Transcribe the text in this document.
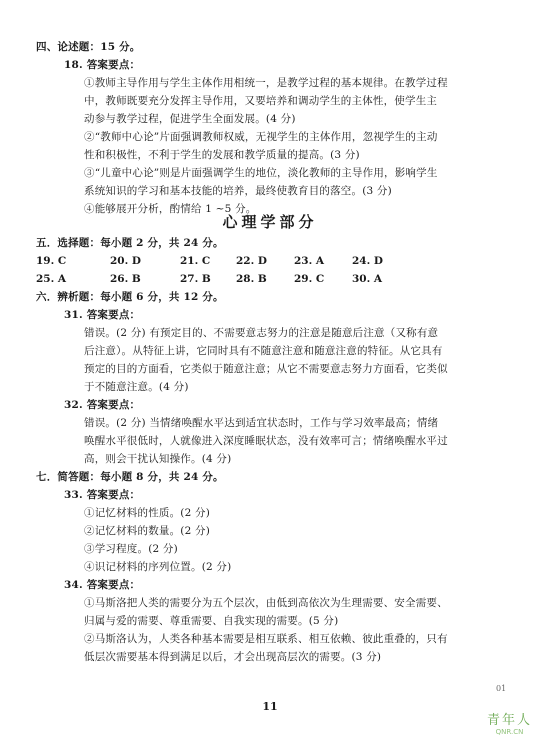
四、论述题：15 分。
18. 答案要点：
①教师主导作用与学生主体作用相统一，是教学过程的基本规律。在教学过程
中，教师既要充分发挥主导作用，又要培养和调动学生的主体性，使学生主
动参与教学过程，促进学生全面发展。(4 分)
②“教师中心论”片面强调教师权威，无视学生的主体作用，忽视学生的主动
性和积极性，不利于学生的发展和教学质量的提高。(3 分)
③“儿童中心论”则是片面强调学生的地位，淡化教师的主导作用，影响学生
系统知识的学习和基本技能的培养，最终使教育目的落空。(3 分)
④能够展开分析，酌情给 1 ~5 分。
心理学部分
五．选择题：每小题 2 分，共 24 分。
19. C	20. D	21. C 22. D	23. A	24. D
25. A	26. B	27. B 28. B	29. C	30. A
六．辨析题：每小题 6 分，共 12 分。
31. 答案要点：
错误。(2 分) 有预定目的、不需要意志努力的注意是随意后注意（又称有意
后注意）。从特征上讲，它同时具有不随意注意和随意注意的特征。从它具有
预定的目的方面看，它类似于随意注意；从它不需要意志努力方面看，它类似
于不随意注意。(4 分)
32. 答案要点：
错误。(2 分) 当情绪唤醒水平达到适宜状态时，工作与学习效率最高；情绪
唤醒水平很低时，人就像进入深度睡眠状态，没有效率可言；情绪唤醒水平过
高，则会干扰认知操作。(4 分)
七．简答题：每小题 8 分，共 24 分。
33. 答案要点：
①记忆材料的性质。(2 分)
②记忆材料的数量。(2 分)
③学习程度。(2 分)
④识记材料的序列位置。(2 分)
34. 答案要点：
①马斯洛把人类的需要分为五个层次，由低到高依次为生理需要、安全需要、
归属与爱的需要、尊重需要、自我实现的需要。(5 分)
②马斯洛认为，人类各种基本需要是相互联系、相互依赖、彼此重叠的，只有
低层次需要基本得到满足以后，才会出现高层次的需要。(3 分)
01
11
青年人
QNR.CN
